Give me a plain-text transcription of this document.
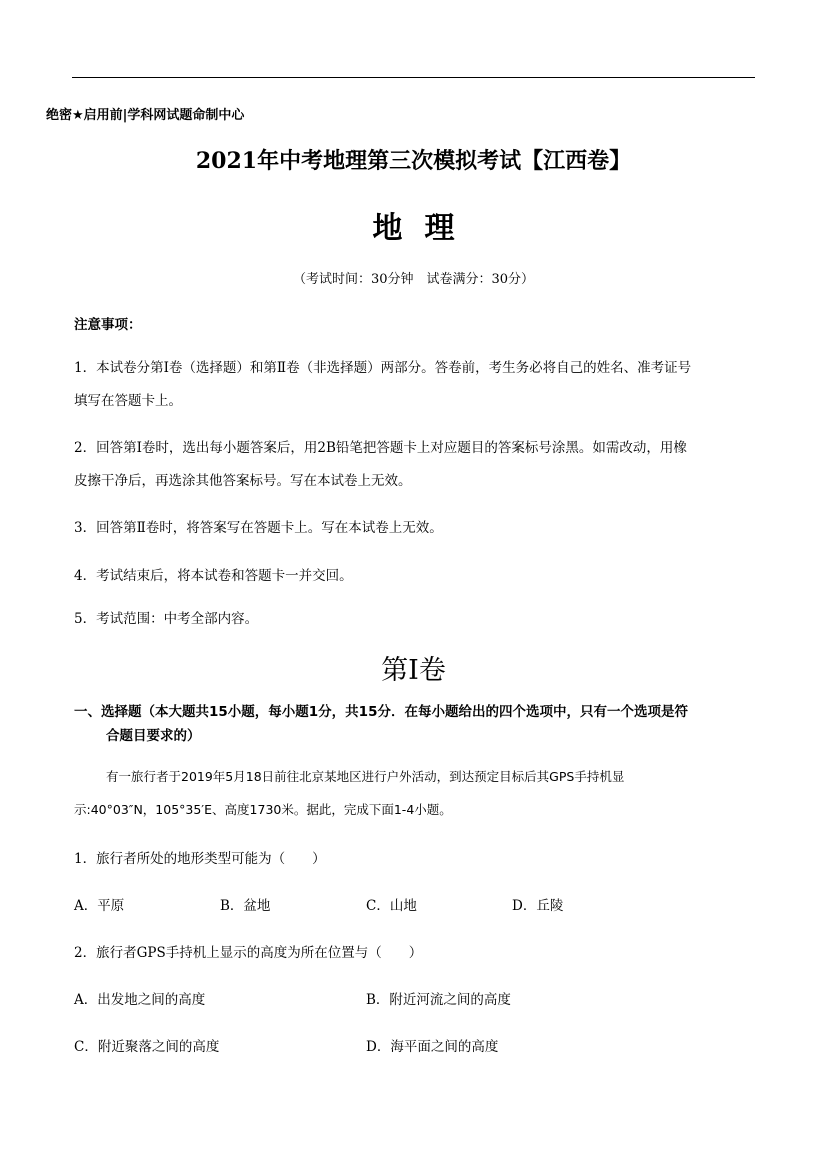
绝密★启用前|学科网试题命制中心
2021年中考地理第三次模拟考试【江西卷】
地理
（考试时间：30分钟　试卷满分：30分）
注意事项：
1．本试卷分第Ⅰ卷（选择题）和第Ⅱ卷（非选择题）两部分。答卷前，考生务必将自己的姓名、准考证号
填写在答题卡上。
2．回答第Ⅰ卷时，选出每小题答案后，用2B铅笔把答题卡上对应题目的答案标号涂黑。如需改动，用橡
皮擦干净后，再选涂其他答案标号。写在本试卷上无效。
3．回答第Ⅱ卷时，将答案写在答题卡上。写在本试卷上无效。
4．考试结束后，将本试卷和答题卡一并交回。
5．考试范围：中考全部内容。
第Ⅰ卷
一、选择题（本大题共15小题，每小题1分，共15分．在每小题给出的四个选项中，只有一个选项是符
合题目要求的）
有一旅行者于2019年5月18日前往北京某地区进行户外活动，到达预定目标后其GPS手持机显
示:40°03″N，105°35′E、高度1730米。据此，完成下面1-4小题。
1．旅行者所处的地形类型可能为（　　）
A．平原	B．盆地	C．山地	D．丘陵
2．旅行者GPS手持机上显示的高度为所在位置与（　　）
A．出发地之间的高度	B．附近河流之间的高度
C．附近聚落之间的高度	D．海平面之间的高度
